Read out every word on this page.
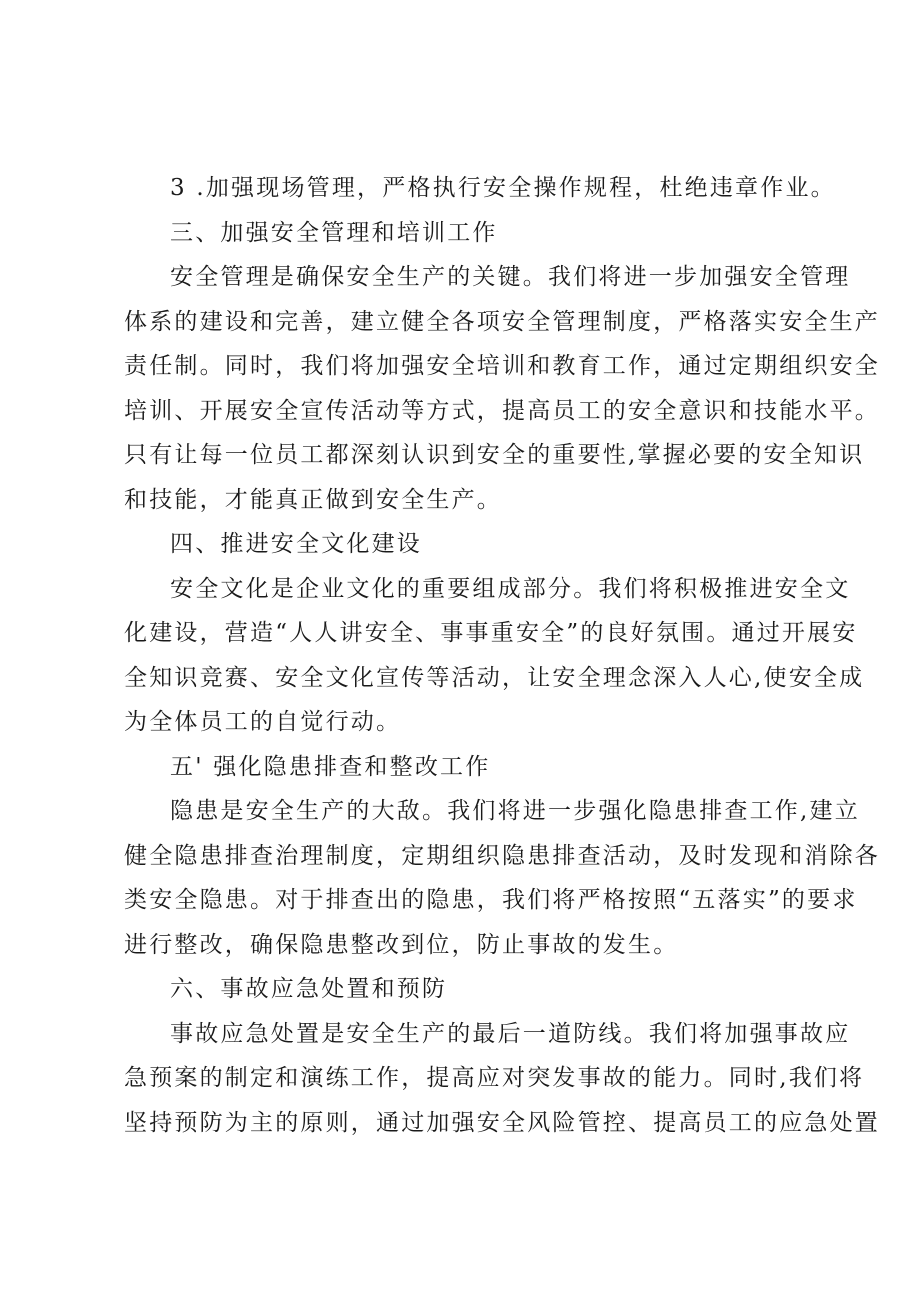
3 .加强现场管理，严格执行安全操作规程，杜绝违章作业。
三、加强安全管理和培训工作
安全管理是确保安全生产的关键。我们将进一步加强安全管理
体系的建设和完善，建立健全各项安全管理制度，严格落实安全生产
责任制。同时，我们将加强安全培训和教育工作，通过定期组织安全
培训、开展安全宣传活动等方式，提高员工的安全意识和技能水平。
只有让每一位员工都深刻认识到安全的重要性,掌握必要的安全知识
和技能，才能真正做到安全生产。
四、推进安全文化建设
安全文化是企业文化的重要组成部分。我们将积极推进安全文
化建设，营造“人人讲安全、事事重安全”的良好氛围。通过开展安
全知识竞赛、安全文化宣传等活动，让安全理念深入人心,使安全成
为全体员工的自觉行动。
五' 强化隐患排查和整改工作
隐患是安全生产的大敌。我们将进一步强化隐患排查工作,建立
健全隐患排查治理制度，定期组织隐患排查活动，及时发现和消除各
类安全隐患。对于排查出的隐患，我们将严格按照“五落实”的要求
进行整改，确保隐患整改到位，防止事故的发生。
六、事故应急处置和预防
事故应急处置是安全生产的最后一道防线。我们将加强事故应
急预案的制定和演练工作，提高应对突发事故的能力。同时,我们将
坚持预防为主的原则，通过加强安全风险管控、提高员工的应急处置
